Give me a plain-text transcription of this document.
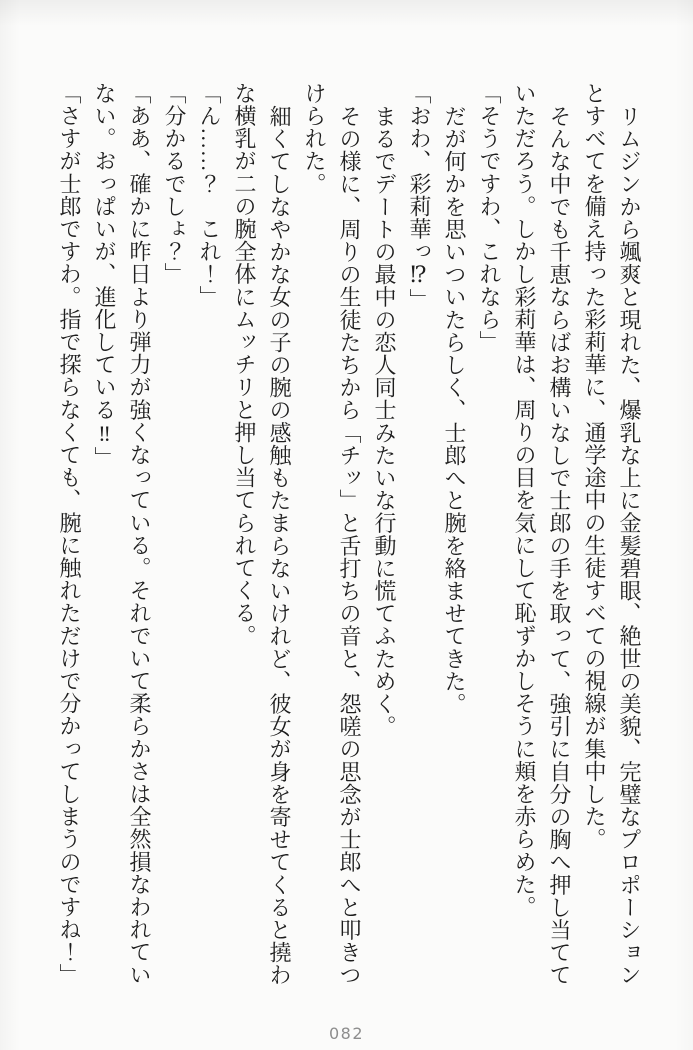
リムジンから颯爽と現れた、爆乳な上に金髪碧眼、絶世の美貌、完璧なプロポーションとすべてを備え持った彩莉華に、通学途中の生徒すべての視線が集中した。

そんな中でも千恵ならばお構いなしで士郎の手を取って、強引に自分の胸へ押し当てていただろう。しかし彩莉華は、周りの目を気にして恥ずかしそうに頬を赤らめた。

「そうですわ、これなら」

だが何かを思いついたらしく、士郎へと腕を絡ませてきた。

「おわ、彩莉華っ⁉」

まるでデートの最中の恋人同士みたいな行動に慌てふためく。

その様に、周りの生徒たちから「チッ」と舌打ちの音と、怨嗟の思念が士郎へと叩きつけられた。

細くてしなやかな女の子の腕の感触もたまらないけれど、彼女が身を寄せてくると撓わな横乳が二の腕全体にムッチリと押し当てられてくる。

「ん……？　これ！」

「分かるでしょ？」

「ああ、確かに昨日より弾力が強くなっている。それでいて柔らかさは全然損なわれていない。おっぱいが、進化している‼」

「さすが士郎ですわ。指で探らなくても、腕に触れただけで分かってしまうのですね！」

082
